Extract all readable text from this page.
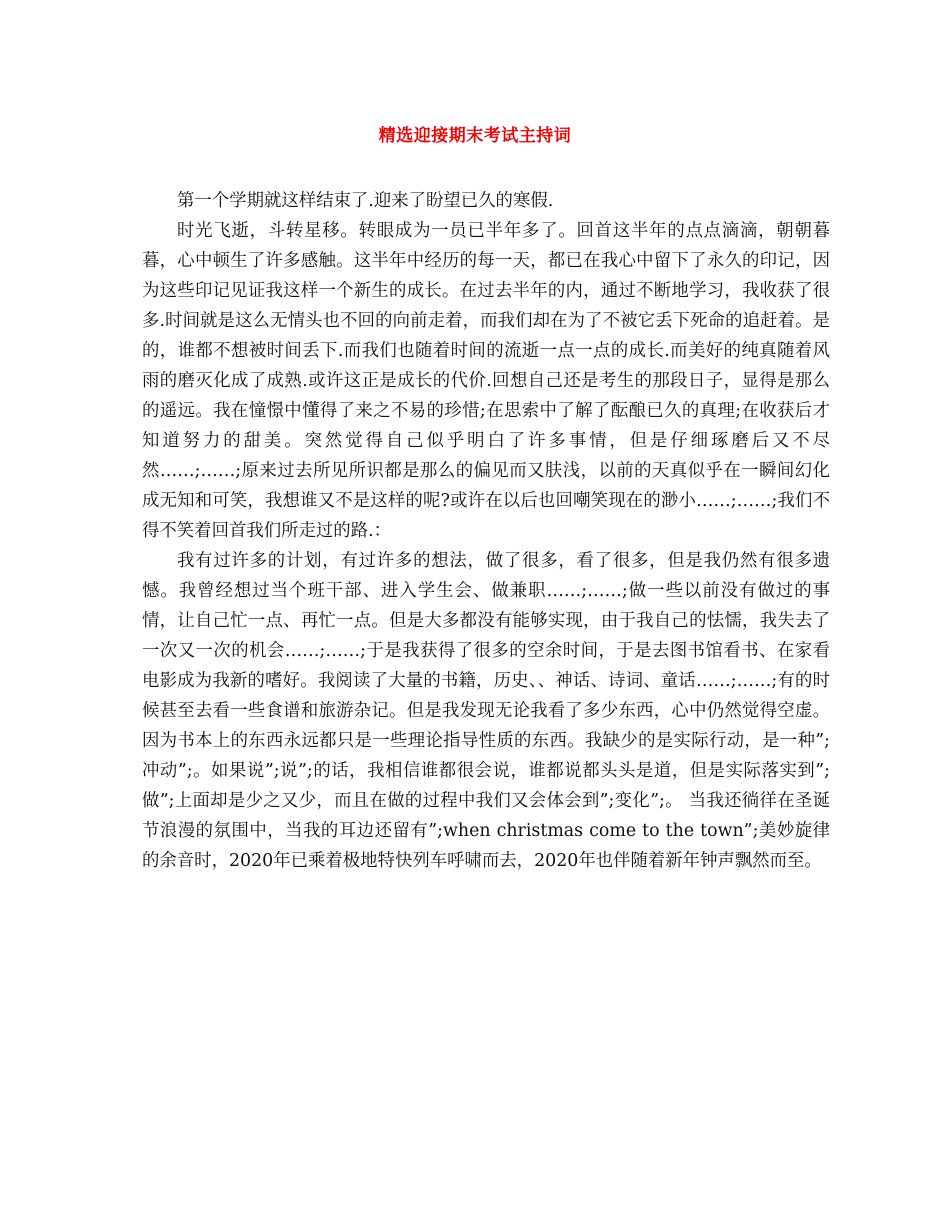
精选迎接期末考试主持词

第一个学期就这样结束了.迎来了盼望已久的寒假.

时光飞逝，斗转星移。转眼成为一员已半年多了。回首这半年的点点滴滴，朝朝暮暮，心中顿生了许多感触。这半年中经历的每一天，都已在我心中留下了永久的印记，因为这些印记见证我这样一个新生的成长。在过去半年的内，通过不断地学习，我收获了很多.时间就是这么无情头也不回的向前走着，而我们却在为了不被它丢下死命的追赶着。是的，谁都不想被时间丢下.而我们也随着时间的流逝一点一点的成长.而美好的纯真随着风雨的磨灭化成了成熟.或许这正是成长的代价.回想自己还是考生的那段日子，显得是那么的遥远。我在憧憬中懂得了来之不易的珍惜;在思索中了解了酝酿已久的真理;在收获后才知道努力的甜美。突然觉得自己似乎明白了许多事情，但是仔细琢磨后又不尽然……;……;原来过去所见所识都是那么的偏见而又肤浅，以前的天真似乎在一瞬间幻化成无知和可笑，我想谁又不是这样的呢?或许在以后也回嘲笑现在的渺小……;……;我们不得不笑着回首我们所走过的路.：

我有过许多的计划，有过许多的想法，做了很多，看了很多，但是我仍然有很多遗憾。我曾经想过当个班干部、进入学生会、做兼职……;……;做一些以前没有做过的事情，让自己忙一点、再忙一点。但是大多都没有能够实现，由于我自己的怯懦，我失去了一次又一次的机会……;……;于是我获得了很多的空余时间，于是去图书馆看书、在家看电影成为我新的嗜好。我阅读了大量的书籍，历史、、神话、诗词、童话……;……;有的时候甚至去看一些食谱和旅游杂记。但是我发现无论我看了多少东西，心中仍然觉得空虚。因为书本上的东西永远都只是一些理论指导性质的东西。我缺少的是实际行动，是一种”;冲动”;。如果说”;说”;的话，我相信谁都很会说，谁都说都头头是道，但是实际落实到”;做”;上面却是少之又少，而且在做的过程中我们又会体会到”;变化”;。 当我还徜徉在圣诞节浪漫的氛围中，当我的耳边还留有”;when christmas come to the town”;美妙旋律的余音时，2020年已乘着极地特快列车呼啸而去，2020年也伴随着新年钟声飘然而至。
